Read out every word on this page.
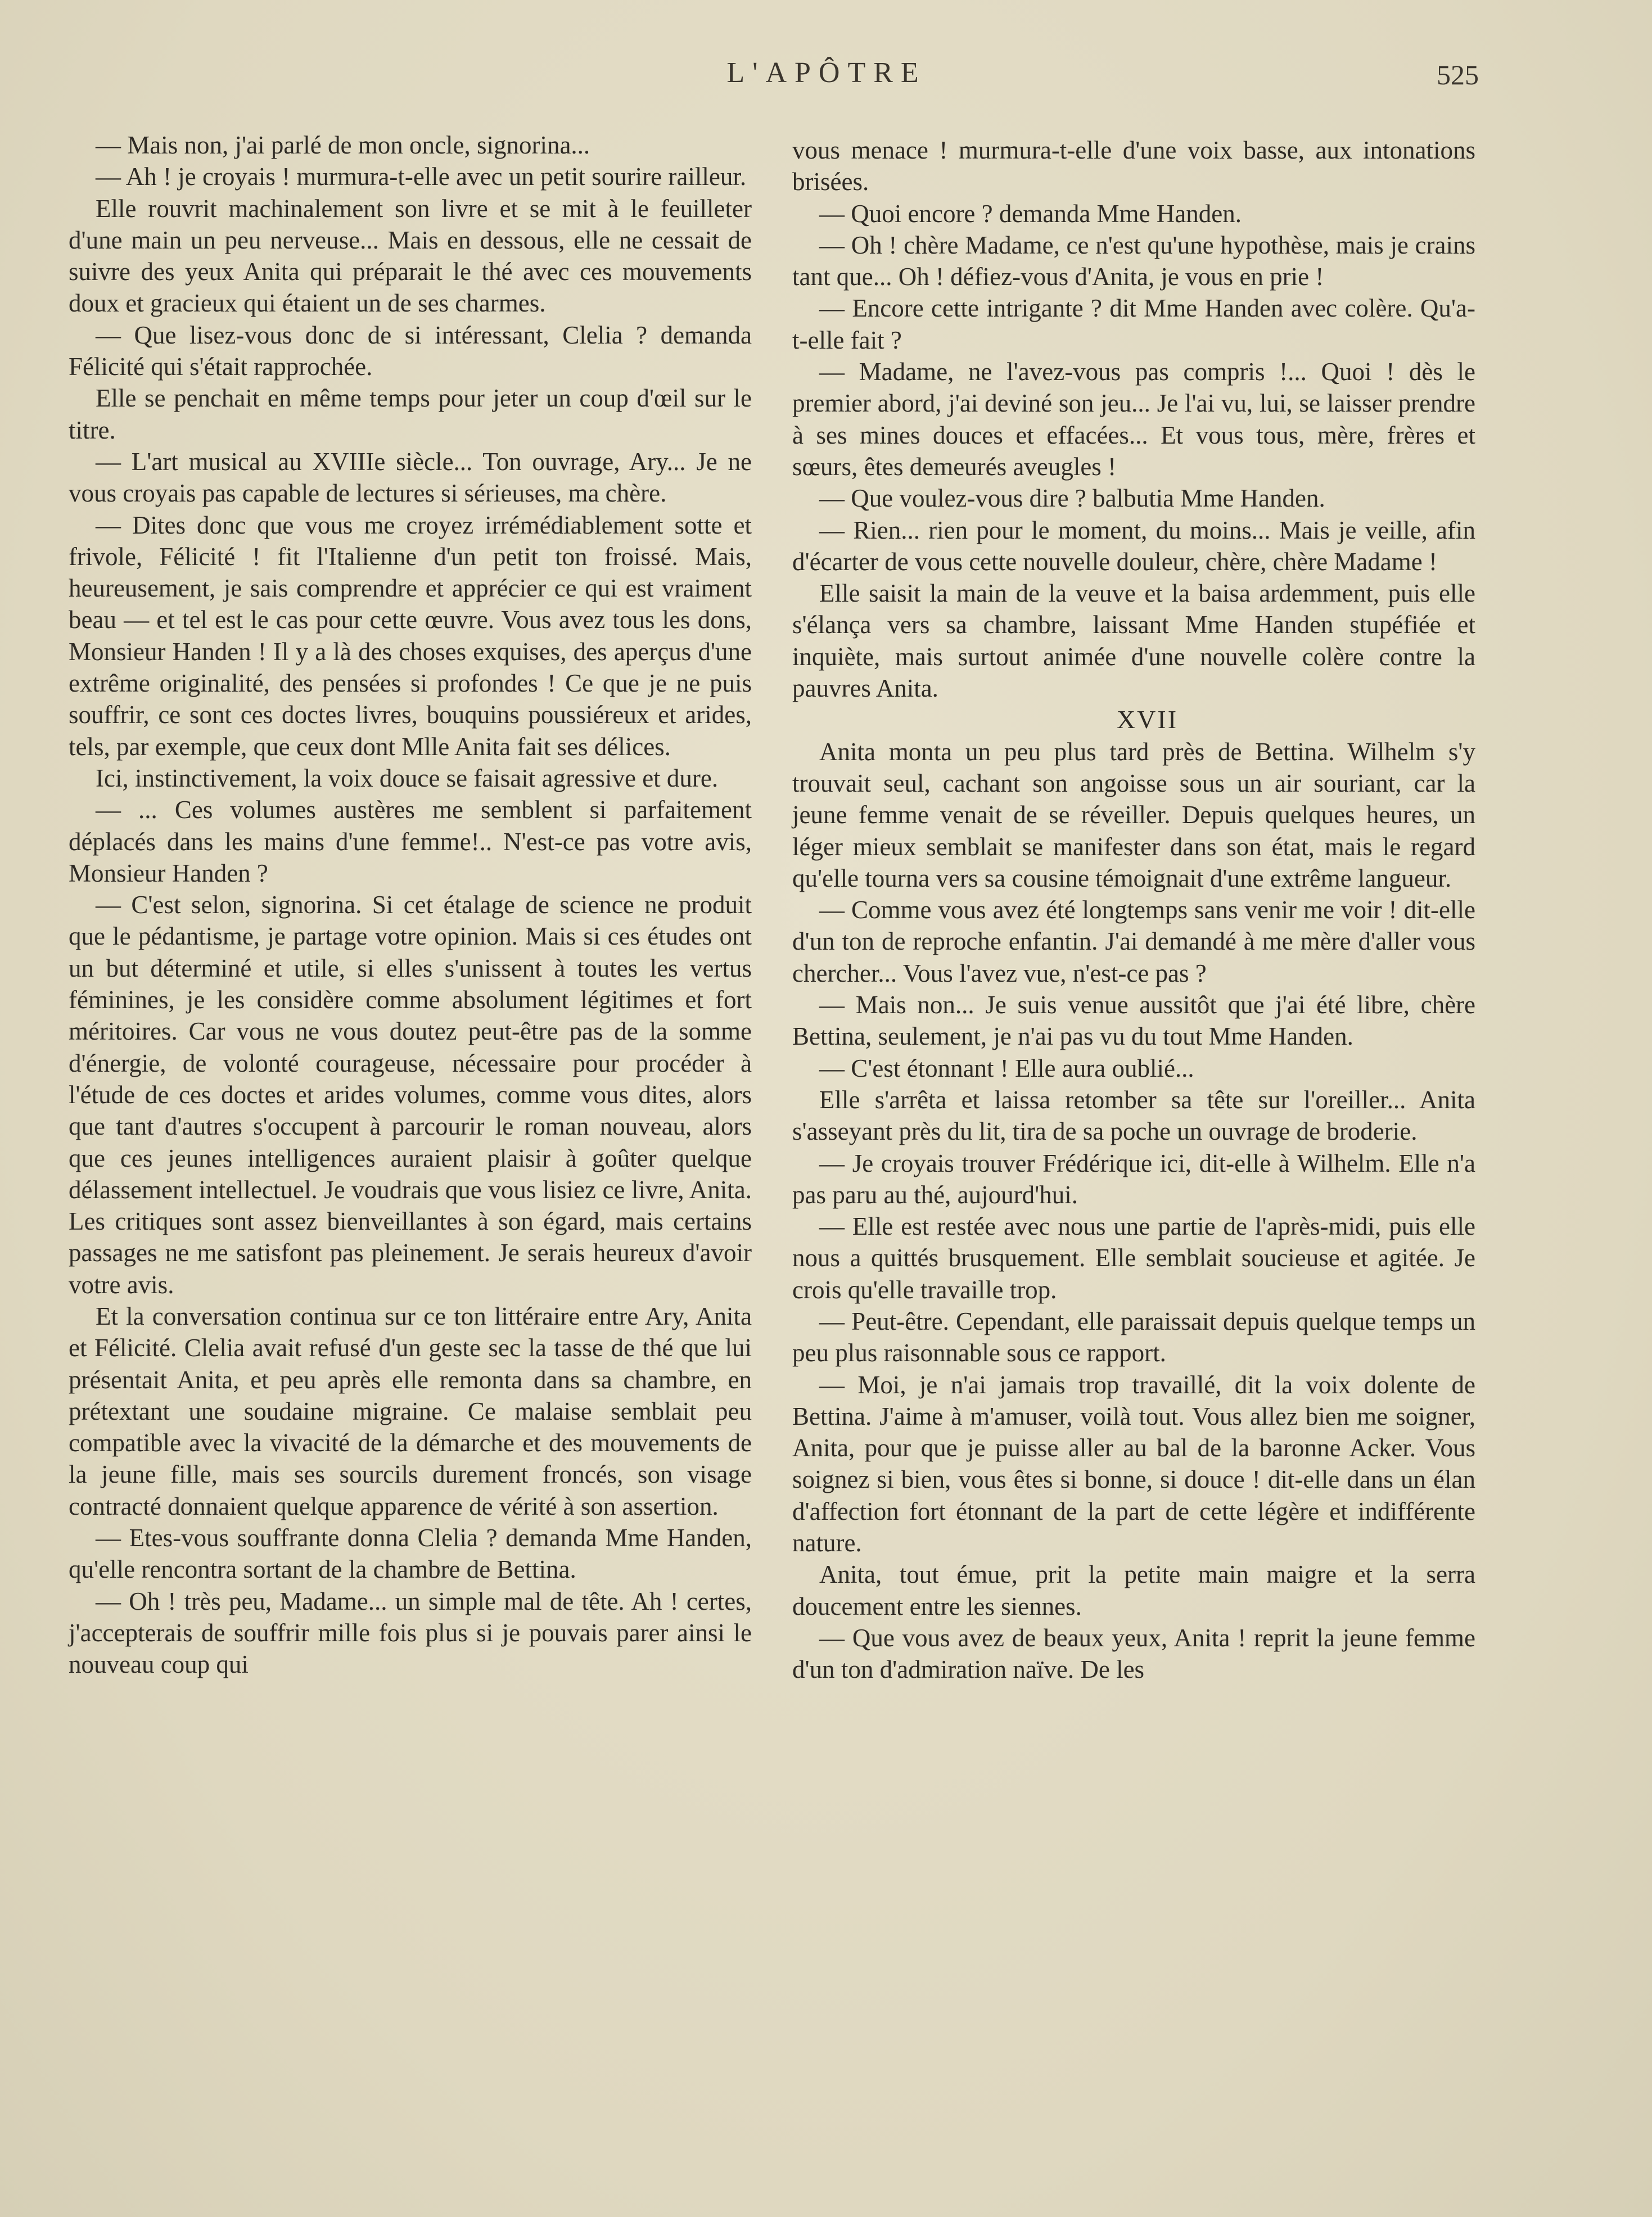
L'APÔTRE	525

— Mais non, j'ai parlé de mon oncle, signorina...

— Ah ! je croyais ! murmura-t-elle avec un petit sourire railleur.

Elle rouvrit machinalement son livre et se mit à le feuilleter d'une main un peu nerveuse... Mais en dessous, elle ne cessait de suivre des yeux Anita qui préparait le thé avec ces mouvements doux et gracieux qui étaient un de ses charmes.

— Que lisez-vous donc de si intéressant, Clelia ? demanda Félicité qui s'était rapprochée.

Elle se penchait en même temps pour jeter un coup d'œil sur le titre.

— L'art musical au XVIIIe siècle... Ton ouvrage, Ary... Je ne vous croyais pas capable de lectures si sérieuses, ma chère.

— Dites donc que vous me croyez irrémédiablement sotte et frivole, Félicité ! fit l'Italienne d'un petit ton froissé. Mais, heureusement, je sais comprendre et apprécier ce qui est vraiment beau — et tel est le cas pour cette œuvre. Vous avez tous les dons, Monsieur Handen ! Il y a là des choses exquises, des aperçus d'une extrême originalité, des pensées si profondes ! Ce que je ne puis souffrir, ce sont ces doctes livres, bouquins poussiéreux et arides, tels, par exemple, que ceux dont Mlle Anita fait ses délices.

Ici, instinctivement, la voix douce se faisait agressive et dure.

— ... Ces volumes austères me semblent si parfaitement déplacés dans les mains d'une femme!.. N'est-ce pas votre avis, Monsieur Handen ?

— C'est selon, signorina. Si cet étalage de science ne produit que le pédantisme, je partage votre opinion. Mais si ces études ont un but déterminé et utile, si elles s'unissent à toutes les vertus féminines, je les considère comme absolument légitimes et fort méritoires. Car vous ne vous doutez peut-être pas de la somme d'énergie, de volonté courageuse, nécessaire pour procéder à l'étude de ces doctes et arides volumes, comme vous dites, alors que tant d'autres s'occupent à parcourir le roman nouveau, alors que ces jeunes intelligences auraient plaisir à goûter quelque délassement intellectuel. Je voudrais que vous lisiez ce livre, Anita. Les critiques sont assez bienveillantes à son égard, mais certains passages ne me satisfont pas pleinement. Je serais heureux d'avoir votre avis.

Et la conversation continua sur ce ton littéraire entre Ary, Anita et Félicité. Clelia avait refusé d'un geste sec la tasse de thé que lui présentait Anita, et peu après elle remonta dans sa chambre, en prétextant une soudaine migraine. Ce malaise semblait peu compatible avec la vivacité de la démarche et des mouvements de la jeune fille, mais ses sourcils durement froncés, son visage contracté donnaient quelque apparence de vérité à son assertion.

— Etes-vous souffrante donna Clelia ? demanda Mme Handen, qu'elle rencontra sortant de la chambre de Bettina.

— Oh ! très peu, Madame... un simple mal de tête. Ah ! certes, j'accepterais de souffrir mille fois plus si je pouvais parer ainsi le nouveau coup qui

vous menace ! murmura-t-elle d'une voix basse, aux intonations brisées.

— Quoi encore ? demanda Mme Handen.

— Oh ! chère Madame, ce n'est qu'une hypothèse, mais je crains tant que... Oh ! défiez-vous d'Anita, je vous en prie !

— Encore cette intrigante ? dit Mme Handen avec colère. Qu'a-t-elle fait ?

— Madame, ne l'avez-vous pas compris !... Quoi ! dès le premier abord, j'ai deviné son jeu... Je l'ai vu, lui, se laisser prendre à ses mines douces et effacées... Et vous tous, mère, frères et sœurs, êtes demeurés aveugles !

— Que voulez-vous dire ? balbutia Mme Handen.

— Rien... rien pour le moment, du moins... Mais je veille, afin d'écarter de vous cette nouvelle douleur, chère, chère Madame !

Elle saisit la main de la veuve et la baisa ardemment, puis elle s'élança vers sa chambre, laissant Mme Handen stupéfiée et inquiète, mais surtout animée d'une nouvelle colère contre la pauvres Anita.

XVII

Anita monta un peu plus tard près de Bettina. Wilhelm s'y trouvait seul, cachant son angoisse sous un air souriant, car la jeune femme venait de se réveiller. Depuis quelques heures, un léger mieux semblait se manifester dans son état, mais le regard qu'elle tourna vers sa cousine témoignait d'une extrême langueur.

— Comme vous avez été longtemps sans venir me voir ! dit-elle d'un ton de reproche enfantin. J'ai demandé à me mère d'aller vous chercher... Vous l'avez vue, n'est-ce pas ?

— Mais non... Je suis venue aussitôt que j'ai été libre, chère Bettina, seulement, je n'ai pas vu du tout Mme Handen.

— C'est étonnant ! Elle aura oublié...

Elle s'arrêta et laissa retomber sa tête sur l'oreiller... Anita s'asseyant près du lit, tira de sa poche un ouvrage de broderie.

— Je croyais trouver Frédérique ici, dit-elle à Wilhelm. Elle n'a pas paru au thé, aujourd'hui.

— Elle est restée avec nous une partie de l'après-midi, puis elle nous a quittés brusquement. Elle semblait soucieuse et agitée. Je crois qu'elle travaille trop.

— Peut-être. Cependant, elle paraissait depuis quelque temps un peu plus raisonnable sous ce rapport.

— Moi, je n'ai jamais trop travaillé, dit la voix dolente de Bettina. J'aime à m'amuser, voilà tout. Vous allez bien me soigner, Anita, pour que je puisse aller au bal de la baronne Acker. Vous soignez si bien, vous êtes si bonne, si douce ! dit-elle dans un élan d'affection fort étonnant de la part de cette légère et indifférente nature.

Anita, tout émue, prit la petite main maigre et la serra doucement entre les siennes.

— Que vous avez de beaux yeux, Anita ! reprit la jeune femme d'un ton d'admiration naïve. De les
